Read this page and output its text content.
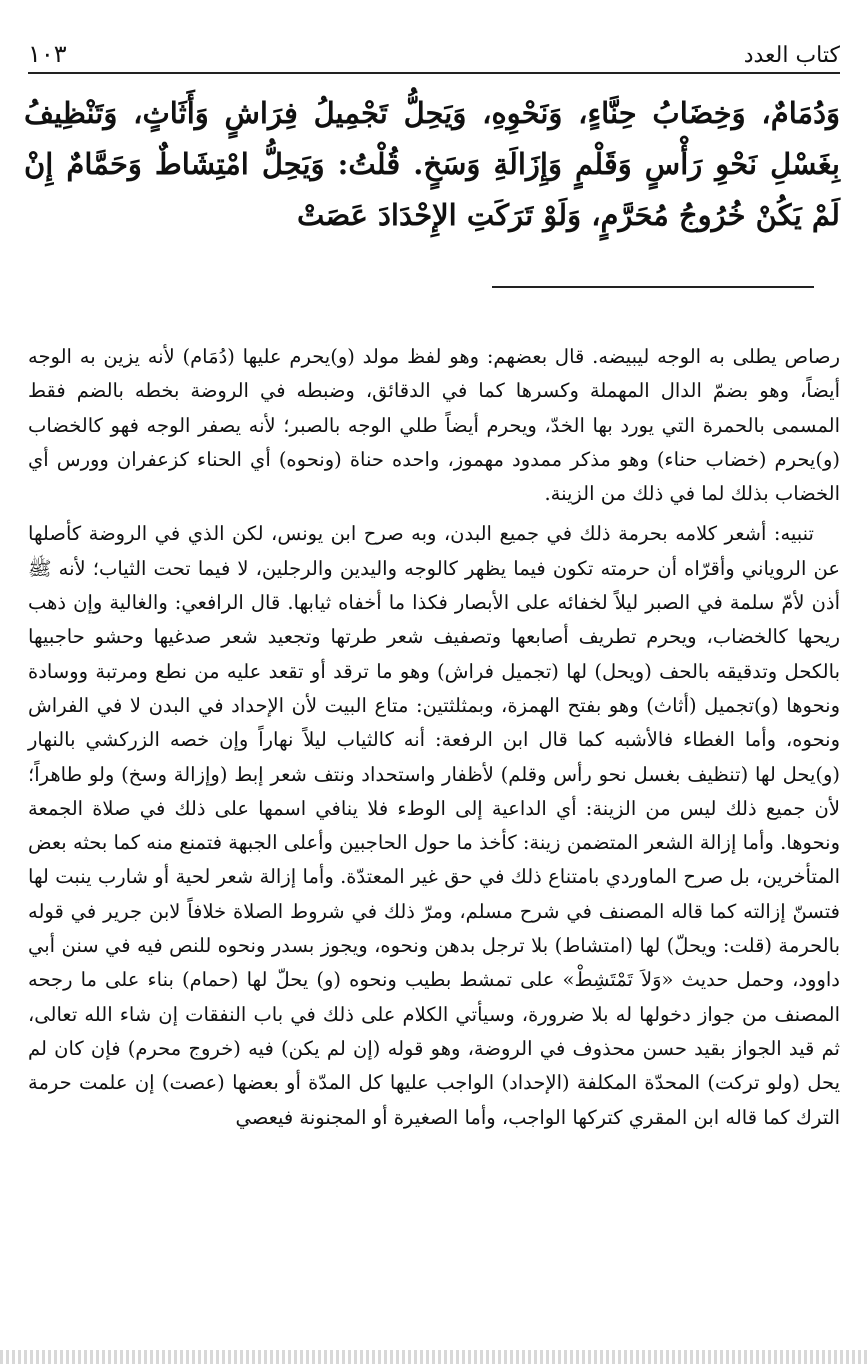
١٠٣	كتاب العدد

وَدُمَامٌ، وَخِضَابُ حِنَّاءٍ، وَنَحْوِهِ، وَيَحِلُّ تَجْمِيلُ فِرَاشٍ وَأَثَاثٍ، وَتَنْظِيفُ بِغَسْلِ نَحْوِ رَأْسٍ وَقَلْمٍ وَإِزَالَةِ وَسَخٍ. قُلْتُ: وَيَحِلُّ امْتِشَاطٌ وَحَمَّامٌ إِنْ لَمْ يَكُنْ خُرُوجُ مُحَرَّمٍ، وَلَوْ تَرَكَتِ الإِحْدَادَ عَصَتْ

رصاص يطلى به الوجه ليبيضه. قال بعضهم: وهو لفظ مولد (و)يحرم عليها (دُمَام) لأنه يزين به الوجه أيضاً، وهو بضمّ الدال المهملة وكسرها كما في الدقائق، وضبطه في الروضة بخطه بالضم فقط المسمى بالحمرة التي يورد بها الخدّ، ويحرم أيضاً طلي الوجه بالصبر؛ لأنه يصفر الوجه فهو كالخضاب (و)يحرم (خضاب حناء) وهو مذكر ممدود مهموز، واحده حناة (ونحوه) أي الحناء كزعفران وورس أي الخضاب بذلك لما في ذلك من الزينة.

تنبيه: أشعر كلامه بحرمة ذلك في جميع البدن، وبه صرح ابن يونس، لكن الذي في الروضة كأصلها عن الروياني وأقرّاه أن حرمته تكون فيما يظهر كالوجه واليدين والرجلين، لا فيما تحت الثياب؛ لأنه ﷺ أذن لأمّ سلمة في الصبر ليلاً لخفائه على الأبصار فكذا ما أخفاه ثيابها. قال الرافعي: والغالية وإن ذهب ريحها كالخضاب، ويحرم تطريف أصابعها وتصفيف شعر طرتها وتجعيد شعر صدغيها وحشو حاجبيها بالكحل وتدقيقه بالحف (ويحل) لها (تجميل فراش) وهو ما ترقد أو تقعد عليه من نطع ومرتبة ووسادة ونحوها (و)تجميل (أثاث) وهو بفتح الهمزة، وبمثلثتين: متاع البيت لأن الإحداد في البدن لا في الفراش ونحوه، وأما الغطاء فالأشبه كما قال ابن الرفعة: أنه كالثياب ليلاً نهاراً وإن خصه الزركشي بالنهار (و)يحل لها (تنظيف بغسل نحو رأس وقلم) لأظفار واستحداد ونتف شعر إبط (وإزالة وسخ) ولو طاهراً؛ لأن جميع ذلك ليس من الزينة: أي الداعية إلى الوطء فلا ينافي اسمها على ذلك في صلاة الجمعة ونحوها. وأما إزالة الشعر المتضمن زينة: كأخذ ما حول الحاجبين وأعلى الجبهة فتمنع منه كما بحثه بعض المتأخرين، بل صرح الماوردي بامتناع ذلك في حق غير المعتدّة. وأما إزالة شعر لحية أو شارب ينبت لها فتسنّ إزالته كما قاله المصنف في شرح مسلم، ومرّ ذلك في شروط الصلاة خلافاً لابن جرير في قوله بالحرمة (قلت: ويحلّ) لها (امتشاط) بلا ترجل بدهن ونحوه، ويجوز بسدر ونحوه للنص فيه في سنن أبي داوود، وحمل حديث «وَلاَ تَمْتَشِطْ» على تمشط بطيب ونحوه (و) يحلّ لها (حمام) بناء على ما رجحه المصنف من جواز دخولها له بلا ضرورة، وسيأتي الكلام على ذلك في باب النفقات إن شاء الله تعالى، ثم قيد الجواز بقيد حسن محذوف في الروضة، وهو قوله (إن لم يكن) فيه (خروج محرم) فإن كان لم يحل (ولو تركت) المحدّة المكلفة (الإحداد) الواجب عليها كل المدّة أو بعضها (عصت) إن علمت حرمة الترك كما قاله ابن المقري كتركها الواجب، وأما الصغيرة أو المجنونة فيعصي
